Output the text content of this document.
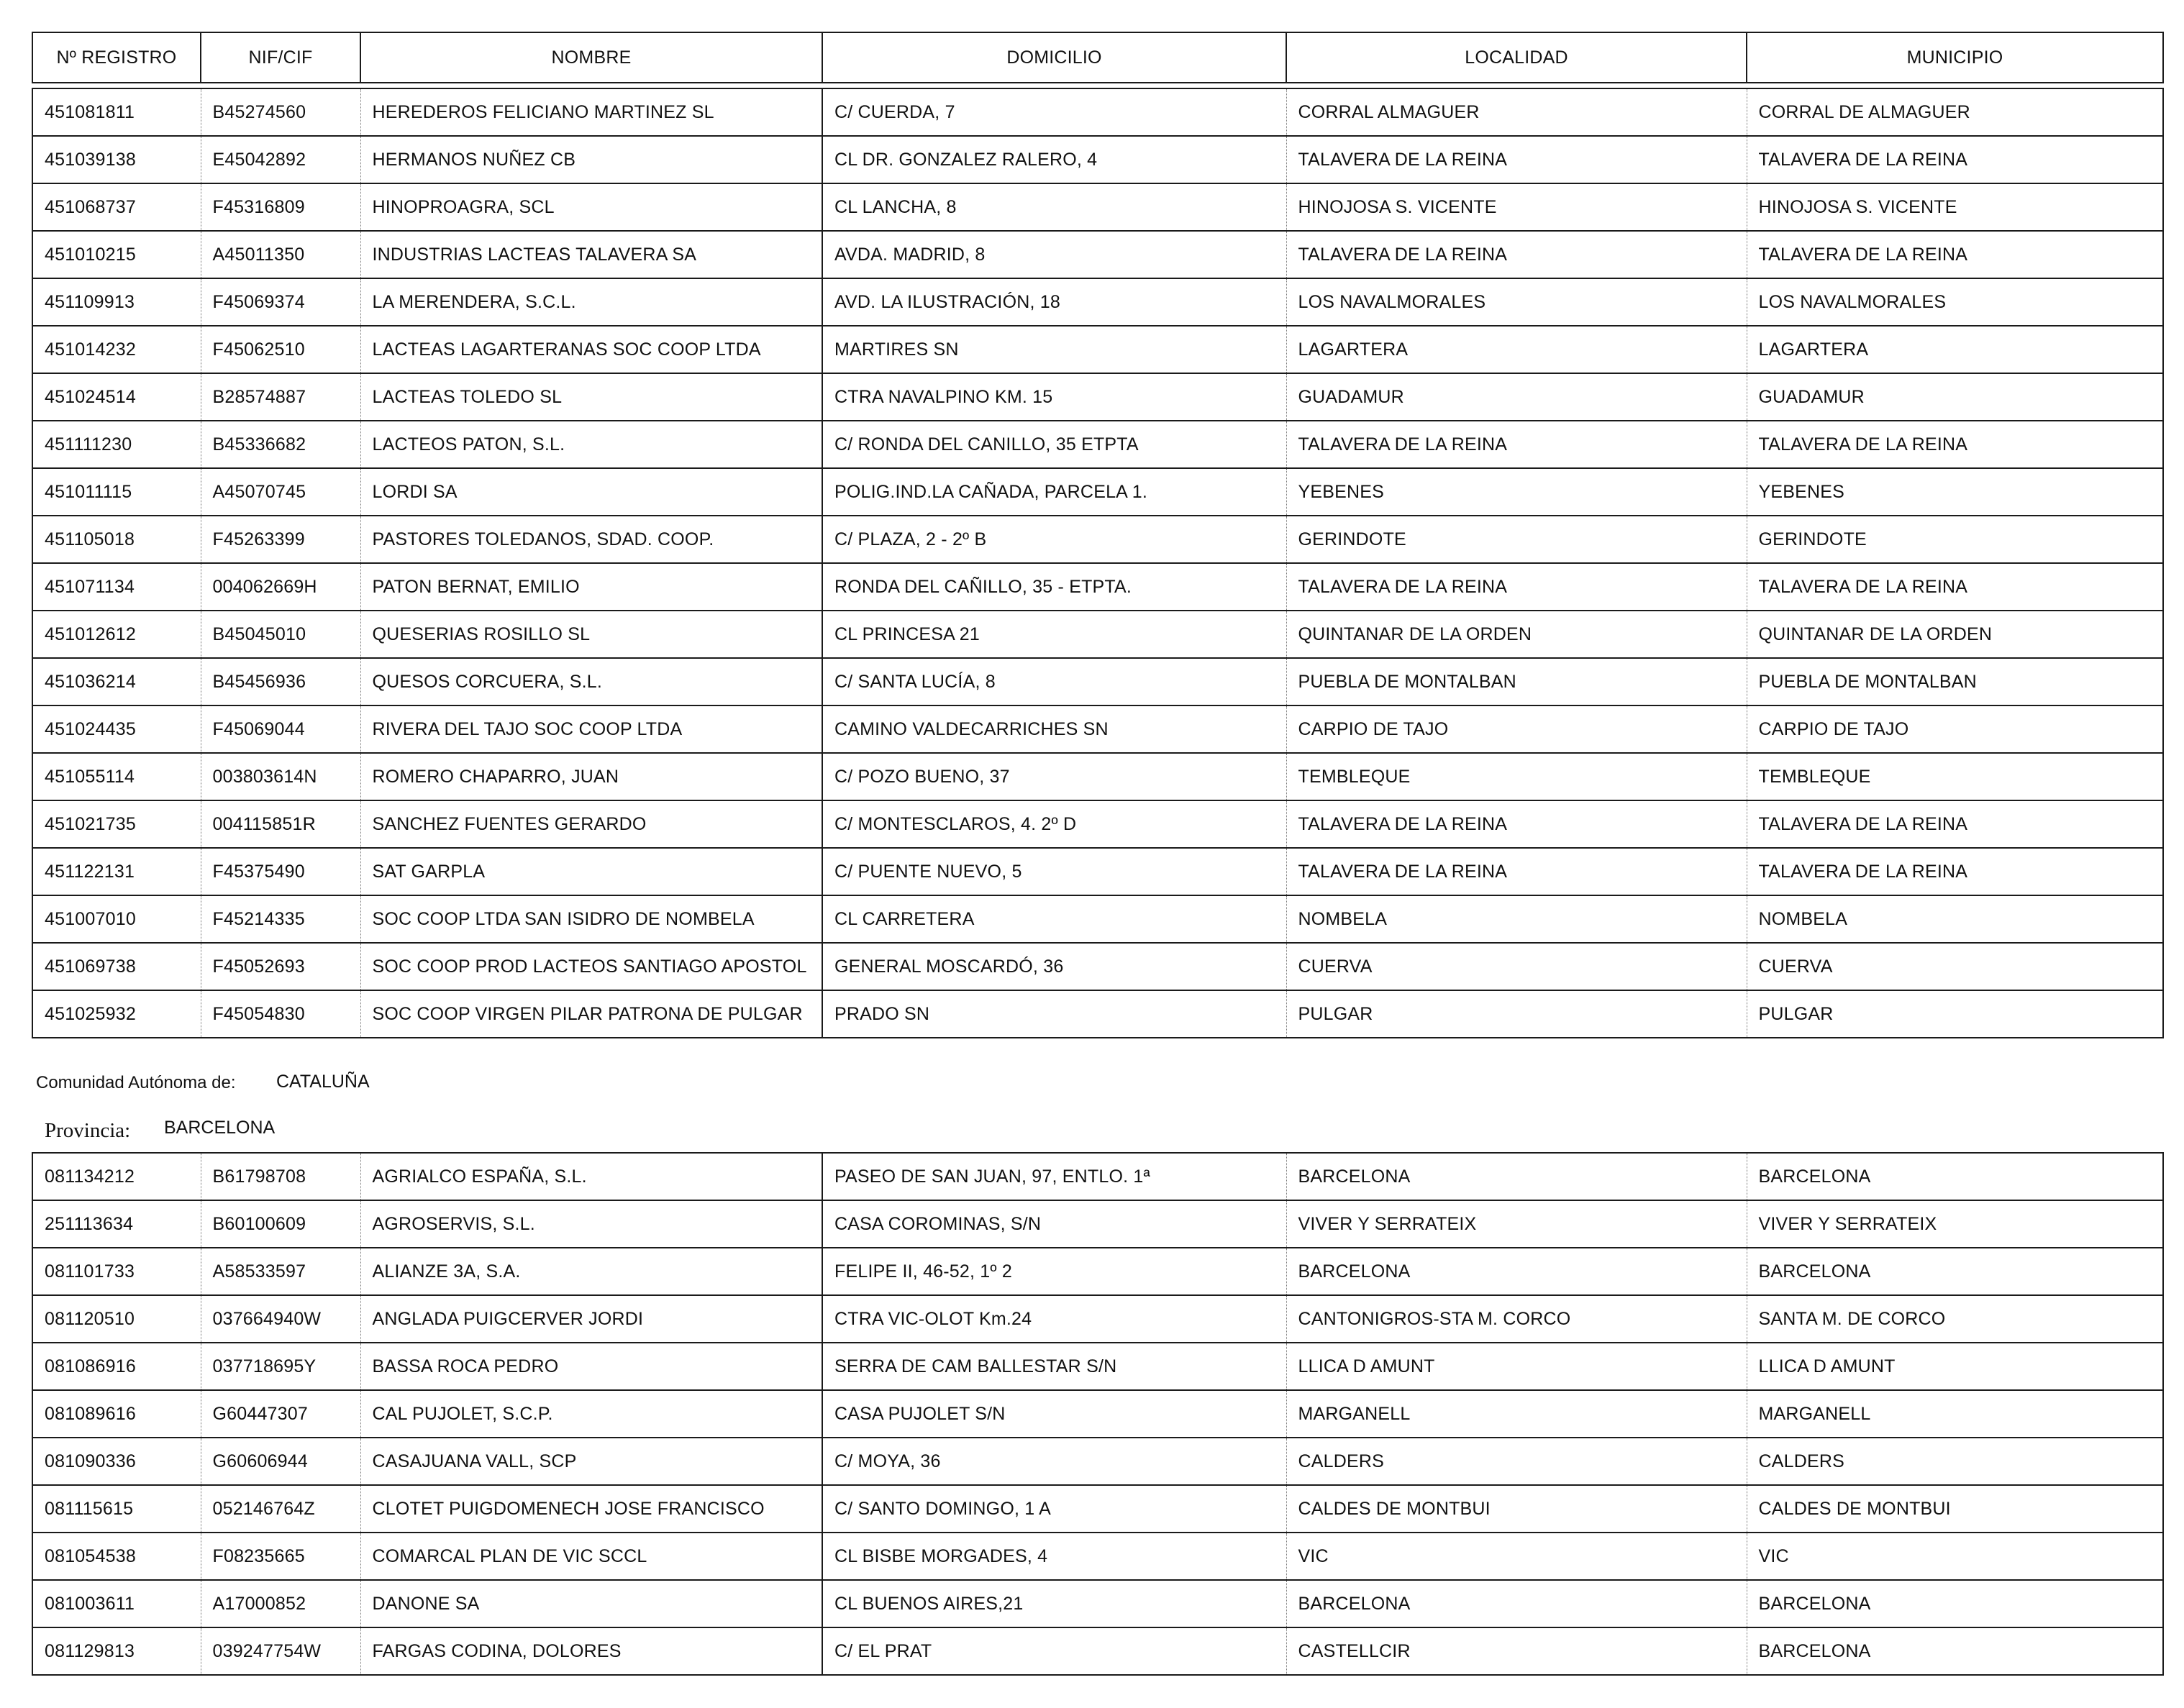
Nº REGISTRO	NIF/CIF	NOMBRE	DOMICILIO	LOCALIDAD	MUNICIPIO
451081811	B45274560	HEREDEROS FELICIANO MARTINEZ SL	C/ CUERDA, 7	CORRAL ALMAGUER	CORRAL DE ALMAGUER
451039138	E45042892	HERMANOS NUÑEZ CB	CL DR. GONZALEZ RALERO, 4	TALAVERA DE LA REINA	TALAVERA DE LA REINA
451068737	F45316809	HINOPROAGRA, SCL	CL LANCHA, 8	HINOJOSA S. VICENTE	HINOJOSA S. VICENTE
451010215	A45011350	INDUSTRIAS LACTEAS TALAVERA SA	AVDA. MADRID, 8	TALAVERA DE LA REINA	TALAVERA DE LA REINA
451109913	F45069374	LA MERENDERA, S.C.L.	AVD. LA ILUSTRACIÓN, 18	LOS NAVALMORALES	LOS NAVALMORALES
451014232	F45062510	LACTEAS LAGARTERANAS SOC COOP LTDA	MARTIRES SN	LAGARTERA	LAGARTERA
451024514	B28574887	LACTEAS TOLEDO SL	CTRA NAVALPINO KM. 15	GUADAMUR	GUADAMUR
451111230	B45336682	LACTEOS PATON, S.L.	C/ RONDA DEL CANILLO, 35 ETPTA	TALAVERA DE LA REINA	TALAVERA DE LA REINA
451011115	A45070745	LORDI SA	POLIG.IND.LA CAÑADA, PARCELA 1.	YEBENES	YEBENES
451105018	F45263399	PASTORES TOLEDANOS, SDAD. COOP.	C/ PLAZA, 2 - 2º B	GERINDOTE	GERINDOTE
451071134	004062669H	PATON BERNAT, EMILIO	RONDA DEL CAÑILLO, 35 - ETPTA.	TALAVERA DE LA REINA	TALAVERA DE LA REINA
451012612	B45045010	QUESERIAS ROSILLO SL	CL PRINCESA 21	QUINTANAR DE LA ORDEN	QUINTANAR DE LA ORDEN
451036214	B45456936	QUESOS CORCUERA, S.L.	C/ SANTA LUCÍA, 8	PUEBLA DE MONTALBAN	PUEBLA DE MONTALBAN
451024435	F45069044	RIVERA DEL TAJO SOC COOP LTDA	CAMINO VALDECARRICHES SN	CARPIO DE TAJO	CARPIO DE TAJO
451055114	003803614N	ROMERO CHAPARRO, JUAN	C/ POZO BUENO, 37	TEMBLEQUE	TEMBLEQUE
451021735	004115851R	SANCHEZ FUENTES GERARDO	C/ MONTESCLAROS, 4. 2º D	TALAVERA DE LA REINA	TALAVERA DE LA REINA
451122131	F45375490	SAT GARPLA	C/ PUENTE NUEVO, 5	TALAVERA DE LA REINA	TALAVERA DE LA REINA
451007010	F45214335	SOC COOP LTDA SAN ISIDRO DE NOMBELA	CL CARRETERA	NOMBELA	NOMBELA
451069738	F45052693	SOC COOP PROD LACTEOS SANTIAGO APOSTOL	GENERAL MOSCARDÓ, 36	CUERVA	CUERVA
451025932	F45054830	SOC COOP VIRGEN PILAR PATRONA DE PULGAR	PRADO SN	PULGAR	PULGAR
Comunidad Autónoma de: CATALUÑA
Provincia: BARCELONA
081134212	B61798708	AGRIALCO ESPAÑA, S.L.	PASEO DE SAN JUAN, 97, ENTLO. 1ª	BARCELONA	BARCELONA
251113634	B60100609	AGROSERVIS, S.L.	CASA COROMINAS, S/N	VIVER Y SERRATEIX	VIVER Y SERRATEIX
081101733	A58533597	ALIANZE 3A, S.A.	FELIPE II, 46-52, 1º 2	BARCELONA	BARCELONA
081120510	037664940W	ANGLADA PUIGCERVER JORDI	CTRA VIC-OLOT Km.24	CANTONIGROS-STA M. CORCO	SANTA M. DE CORCO
081086916	037718695Y	BASSA ROCA PEDRO	SERRA DE CAM BALLESTAR S/N	LLICA D AMUNT	LLICA D AMUNT
081089616	G60447307	CAL PUJOLET, S.C.P.	CASA PUJOLET S/N	MARGANELL	MARGANELL
081090336	G60606944	CASAJUANA VALL, SCP	C/ MOYA, 36	CALDERS	CALDERS
081115615	052146764Z	CLOTET PUIGDOMENECH JOSE FRANCISCO	C/ SANTO DOMINGO, 1 A	CALDES DE MONTBUI	CALDES DE MONTBUI
081054538	F08235665	COMARCAL PLAN DE VIC SCCL	CL BISBE MORGADES, 4	VIC	VIC
081003611	A17000852	DANONE SA	CL BUENOS AIRES,21	BARCELONA	BARCELONA
081129813	039247754W	FARGAS CODINA, DOLORES	C/ EL PRAT	CASTELLCIR	BARCELONA
